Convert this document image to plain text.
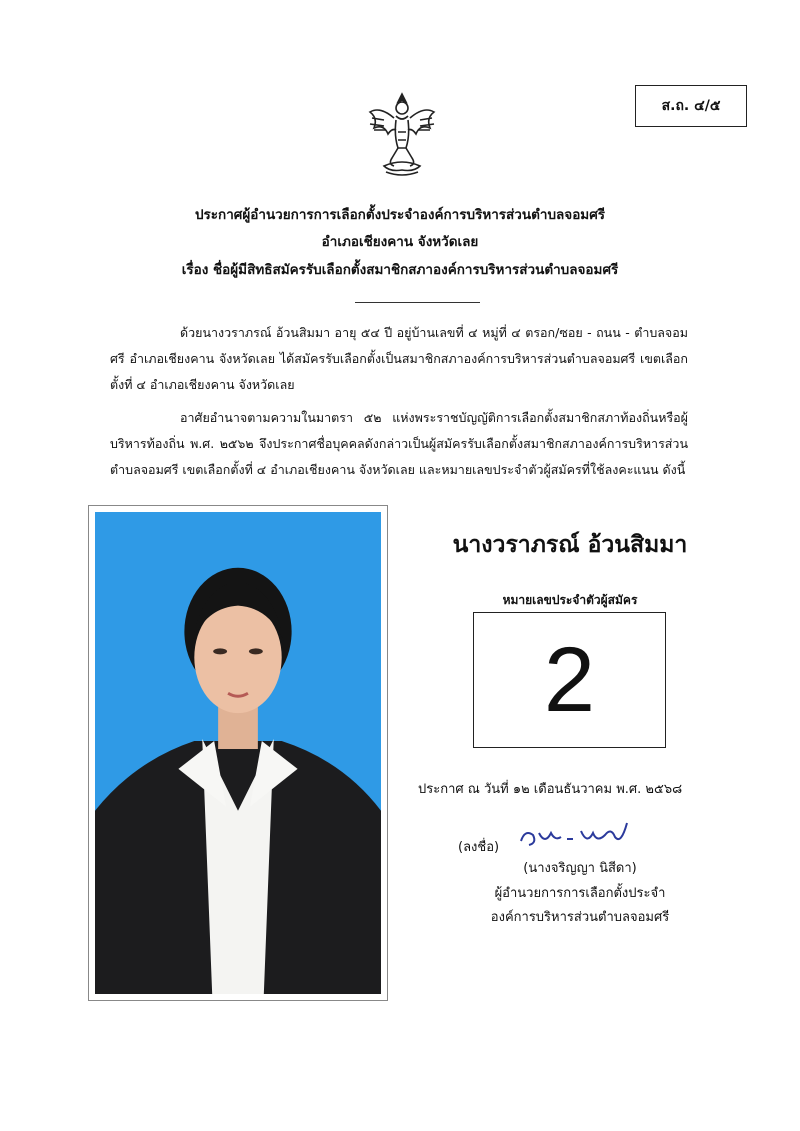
ส.ถ. ๔/๕
ประกาศผู้อำนวยการการเลือกตั้งประจำองค์การบริหารส่วนตำบลจอมศรี
อำเภอเชียงคาน จังหวัดเลย
เรื่อง ชื่อผู้มีสิทธิสมัครรับเลือกตั้งสมาชิกสภาองค์การบริหารส่วนตำบลจอมศรี
ด้วยนางวราภรณ์ อ้วนสิมมา อายุ ๕๔ ปี อยู่บ้านเลขที่ ๔ หมู่ที่ ๔ ตรอก/ซอย - ถนน - ตำบลจอมศรี อำเภอเชียงคาน จังหวัดเลย ได้สมัครรับเลือกตั้งเป็นสมาชิกสภาองค์การบริหารส่วนตำบลจอมศรี เขตเลือกตั้งที่ ๔ อำเภอเชียงคาน จังหวัดเลย
อาศัยอำนาจตามความในมาตรา ๕๒ แห่งพระราชบัญญัติการเลือกตั้งสมาชิกสภาท้องถิ่นหรือผู้บริหารท้องถิ่น พ.ศ. ๒๕๖๒ จึงประกาศชื่อบุคคลดังกล่าวเป็นผู้สมัครรับเลือกตั้งสมาชิกสภาองค์การบริหารส่วนตำบลจอมศรี เขตเลือกตั้งที่ ๔ อำเภอเชียงคาน จังหวัดเลย และหมายเลขประจำตัวผู้สมัครที่ใช้ลงคะแนน ดังนี้
นางวราภรณ์ อ้วนสิมมา
หมายเลขประจำตัวผู้สมัคร
2
ประกาศ ณ วันที่ ๑๒ เดือนธันวาคม พ.ศ. ๒๕๖๘
(ลงชื่อ)
(นางจริญญา นิสีดา)
ผู้อำนวยการการเลือกตั้งประจำ
องค์การบริหารส่วนตำบลจอมศรี
